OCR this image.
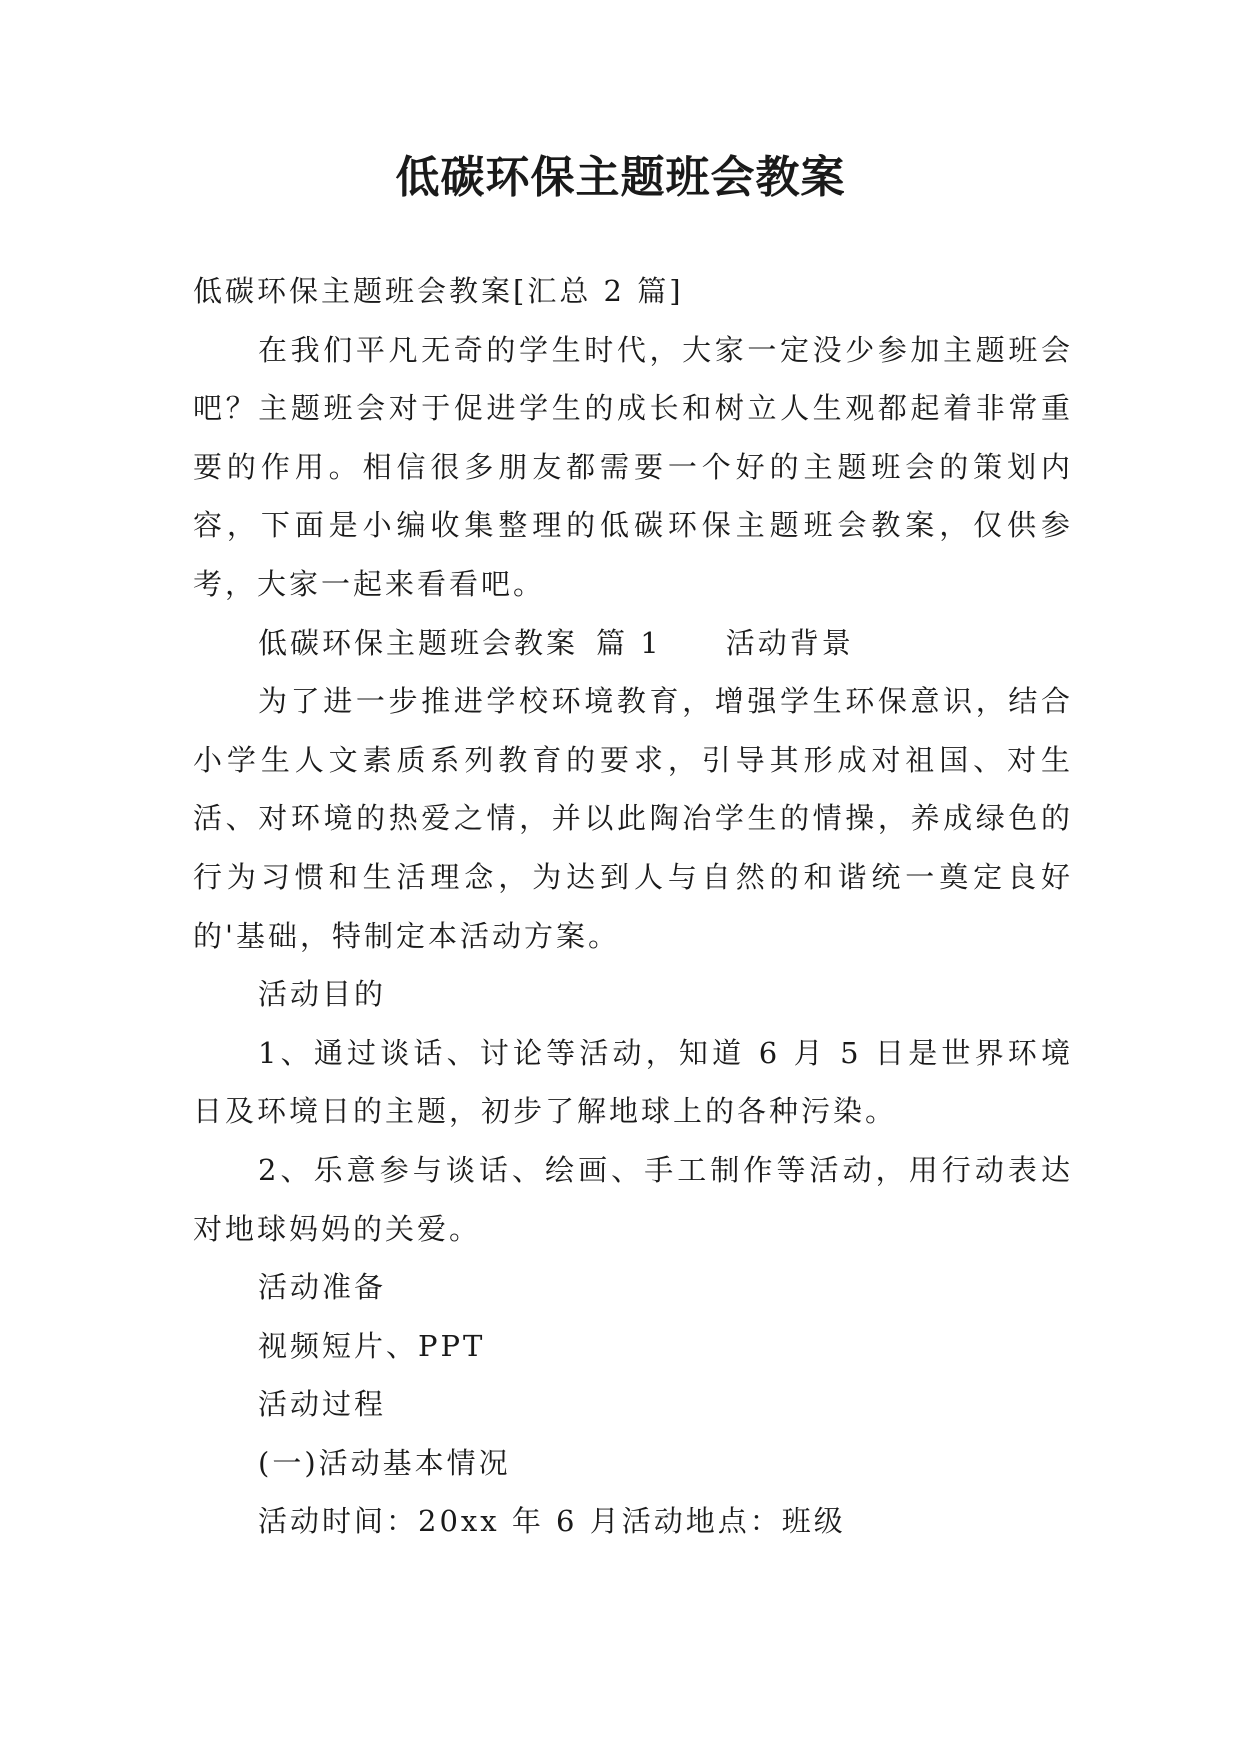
低碳环保主题班会教案

低碳环保主题班会教案[汇总 2 篇]

在我们平凡无奇的学生时代，大家一定没少参加主题班会吧？主题班会对于促进学生的成长和树立人生观都起着非常重要的作用。相信很多朋友都需要一个好的主题班会的策划内容，下面是小编收集整理的低碳环保主题班会教案，仅供参考，大家一起来看看吧。

低碳环保主题班会教案 篇 1 活动背景

为了进一步推进学校环境教育，增强学生环保意识，结合小学生人文素质系列教育的要求，引导其形成对祖国、对生活、对环境的热爱之情，并以此陶冶学生的情操，养成绿色的行为习惯和生活理念，为达到人与自然的和谐统一奠定良好的'基础，特制定本活动方案。

活动目的

1、通过谈话、讨论等活动，知道 6 月 5 日是世界环境日及环境日的主题，初步了解地球上的各种污染。

2、乐意参与谈话、绘画、手工制作等活动，用行动表达对地球妈妈的关爱。

活动准备

视频短片、PPT

活动过程

(一)活动基本情况

活动时间：20xx 年 6 月活动地点：班级
